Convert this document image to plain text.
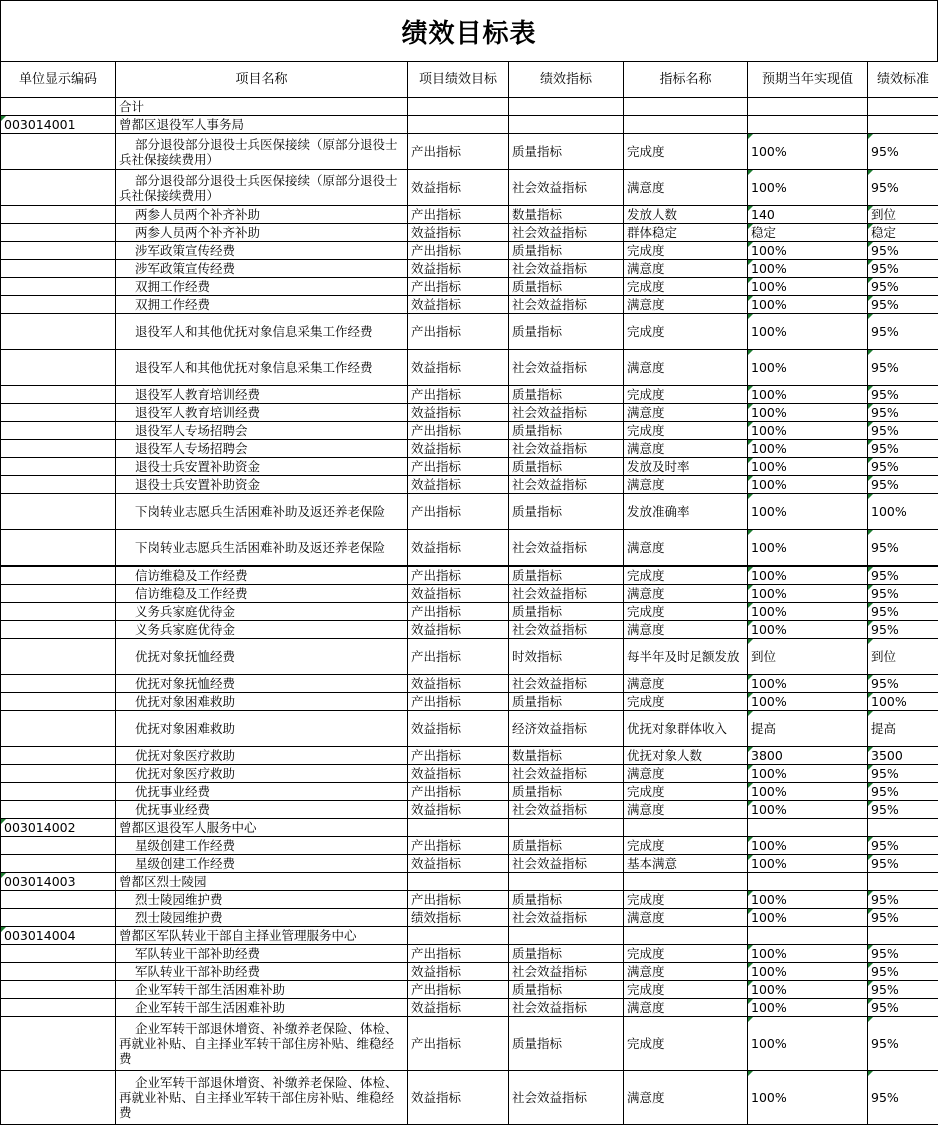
绩效目标表
单位显示编码	项目名称	项目绩效目标	绩效指标	指标名称	预期当年实现值	绩效标准
	合计					
003014001	曾都区退役军人事务局					
	部分退役部分退役士兵医保接续（原部分退役士兵社保接续费用）	产出指标	质量指标	完成度	100%	95%
	部分退役部分退役士兵医保接续（原部分退役士兵社保接续费用）	效益指标	社会效益指标	满意度	100%	95%
	两参人员两个补齐补助	产出指标	数量指标	发放人数	140	到位
	两参人员两个补齐补助	效益指标	社会效益指标	群体稳定	稳定	稳定
	涉军政策宣传经费	产出指标	质量指标	完成度	100%	95%
	涉军政策宣传经费	效益指标	社会效益指标	满意度	100%	95%
	双拥工作经费	产出指标	质量指标	完成度	100%	95%
	双拥工作经费	效益指标	社会效益指标	满意度	100%	95%
	退役军人和其他优抚对象信息采集工作经费	产出指标	质量指标	完成度	100%	95%
	退役军人和其他优抚对象信息采集工作经费	效益指标	社会效益指标	满意度	100%	95%
	退役军人教育培训经费	产出指标	质量指标	完成度	100%	95%
	退役军人教育培训经费	效益指标	社会效益指标	满意度	100%	95%
	退役军人专场招聘会	产出指标	质量指标	完成度	100%	95%
	退役军人专场招聘会	效益指标	社会效益指标	满意度	100%	95%
	退役士兵安置补助资金	产出指标	质量指标	发放及时率	100%	95%
	退役士兵安置补助资金	效益指标	社会效益指标	满意度	100%	95%
	下岗转业志愿兵生活困难补助及返还养老保险	产出指标	质量指标	发放准确率	100%	100%
	下岗转业志愿兵生活困难补助及返还养老保险	效益指标	社会效益指标	满意度	100%	95%
	信访维稳及工作经费	产出指标	质量指标	完成度	100%	95%
	信访维稳及工作经费	效益指标	社会效益指标	满意度	100%	95%
	义务兵家庭优待金	产出指标	质量指标	完成度	100%	95%
	义务兵家庭优待金	效益指标	社会效益指标	满意度	100%	95%
	优抚对象抚恤经费	产出指标	时效指标	每半年及时足额发放	到位	到位
	优抚对象抚恤经费	效益指标	社会效益指标	满意度	100%	95%
	优抚对象困难救助	产出指标	质量指标	完成度	100%	100%
	优抚对象困难救助	效益指标	经济效益指标	优抚对象群体收入	提高	提高
	优抚对象医疗救助	产出指标	数量指标	优抚对象人数	3800	3500
	优抚对象医疗救助	效益指标	社会效益指标	满意度	100%	95%
	优抚事业经费	产出指标	质量指标	完成度	100%	95%
	优抚事业经费	效益指标	社会效益指标	满意度	100%	95%
003014002	曾都区退役军人服务中心					
	星级创建工作经费	产出指标	质量指标	完成度	100%	95%
	星级创建工作经费	效益指标	社会效益指标	基本满意	100%	95%
003014003	曾都区烈士陵园					
	烈士陵园维护费	产出指标	质量指标	完成度	100%	95%
	烈士陵园维护费	绩效指标	社会效益指标	满意度	100%	95%
003014004	曾都区军队转业干部自主择业管理服务中心					
	军队转业干部补助经费	产出指标	质量指标	完成度	100%	95%
	军队转业干部补助经费	效益指标	社会效益指标	满意度	100%	95%
	企业军转干部生活困难补助	产出指标	质量指标	完成度	100%	95%
	企业军转干部生活困难补助	效益指标	社会效益指标	满意度	100%	95%
	企业军转干部退休增资、补缴养老保险、体检、再就业补贴、自主择业军转干部住房补贴、维稳经费	产出指标	质量指标	完成度	100%	95%
	企业军转干部退休增资、补缴养老保险、体检、再就业补贴、自主择业军转干部住房补贴、维稳经费	效益指标	社会效益指标	满意度	100%	95%
